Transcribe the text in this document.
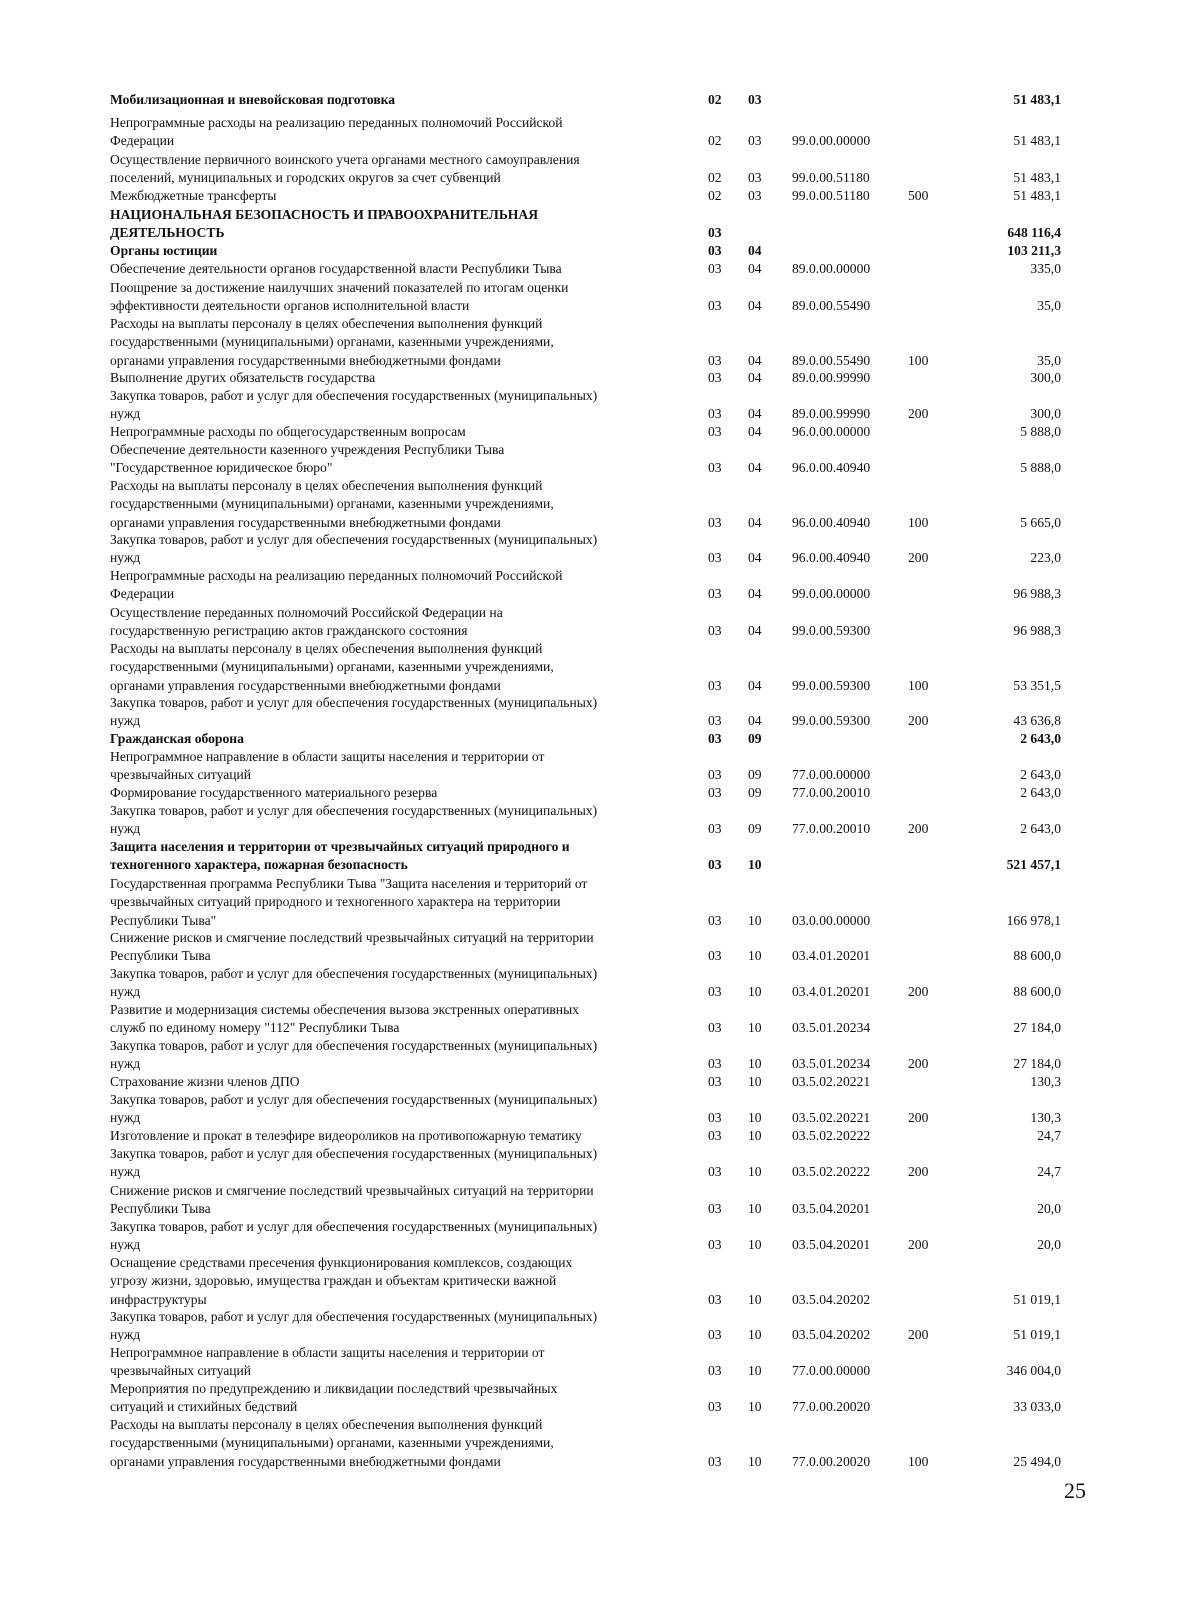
Мобилизационная и вневойсковая подготовка	02 03	51 483,1
Непрограммные расходы на реализацию переданных полномочий Российской
Федерации	02 03 99.0.00.00000	51 483,1
Осуществление первичного воинского учета органами местного самоуправления
поселений, муниципальных и городских округов за счет субвенций	02 03 99.0.00.51180	51 483,1
Межбюджетные трансферты	02 03 99.0.00.51180	500	51 483,1
НАЦИОНАЛЬНАЯ БЕЗОПАСНОСТЬ И ПРАВООХРАНИТЕЛЬНАЯ
ДЕЯТЕЛЬНОСТЬ	03	648 116,4
Органы юстиции	03 04	103 211,3
Обеспечение деятельности органов государственной власти Республики Тыва	03 04 89.0.00.00000	335,0
Поощрение за достижение наилучших значений показателей по итогам оценки
эффективности деятельности органов исполнительной власти	03 04 89.0.00.55490	35,0
Расходы на выплаты персоналу в целях обеспечения выполнения функций
государственными (муниципальными) органами, казенными учреждениями,
органами управления государственными внебюджетными фондами	03 04 89.0.00.55490	100	35,0
Выполнение других обязательств государства	03 04 89.0.00.99990	300,0
Закупка товаров, работ и услуг для обеспечения государственных (муниципальных)
нужд	03 04 89.0.00.99990	200	300,0
Непрограммные расходы по общегосударственным вопросам	03 04 96.0.00.00000	5 888,0
Обеспечение деятельности казенного учреждения Республики Тыва
"Государственное юридическое бюро"	03 04 96.0.00.40940	5 888,0
Расходы на выплаты персоналу в целях обеспечения выполнения функций
государственными (муниципальными) органами, казенными учреждениями,
органами управления государственными внебюджетными фондами	03 04 96.0.00.40940	100	5 665,0
Закупка товаров, работ и услуг для обеспечения государственных (муниципальных)
нужд	03 04 96.0.00.40940	200	223,0
Непрограммные расходы на реализацию переданных полномочий Российской
Федерации	03 04 99.0.00.00000	96 988,3
Осуществление переданных полномочий Российской Федерации на
государственную регистрацию актов гражданского состояния	03 04 99.0.00.59300	96 988,3
Расходы на выплаты персоналу в целях обеспечения выполнения функций
государственными (муниципальными) органами, казенными учреждениями,
органами управления государственными внебюджетными фондами	03 04 99.0.00.59300	100	53 351,5
Закупка товаров, работ и услуг для обеспечения государственных (муниципальных)
нужд	03 04 99.0.00.59300	200	43 636,8
Гражданская оборона	03 09	2 643,0
Непрограммное направление в области защиты населения и территории от
чрезвычайных ситуаций	03 09 77.0.00.00000	2 643,0
Формирование государственного материального резерва	03 09 77.0.00.20010	2 643,0
Закупка товаров, работ и услуг для обеспечения государственных (муниципальных)
нужд	03 09 77.0.00.20010	200	2 643,0
Защита населения и территории от чрезвычайных ситуаций природного и
техногенного характера, пожарная безопасность	03 10	521 457,1
Государственная программа Республики Тыва "Защита населения и территорий от
чрезвычайных ситуаций природного и техногенного характера на территории
Республики Тыва"	03 10 03.0.00.00000	166 978,1
Снижение рисков и смягчение последствий чрезвычайных ситуаций на территории
Республики Тыва	03 10 03.4.01.20201	88 600,0
Закупка товаров, работ и услуг для обеспечения государственных (муниципальных)
нужд	03 10 03.4.01.20201	200	88 600,0
Развитие и модернизация системы обеспечения вызова экстренных оперативных
служб по единому номеру "112" Республики Тыва	03 10 03.5.01.20234	27 184,0
Закупка товаров, работ и услуг для обеспечения государственных (муниципальных)
нужд	03 10 03.5.01.20234	200	27 184,0
Страхование жизни членов ДПО	03 10 03.5.02.20221	130,3
Закупка товаров, работ и услуг для обеспечения государственных (муниципальных)
нужд	03 10 03.5.02.20221	200	130,3
Изготовление и прокат в телеэфире видеороликов на противопожарную тематику	03 10 03.5.02.20222	24,7
Закупка товаров, работ и услуг для обеспечения государственных (муниципальных)
нужд	03 10 03.5.02.20222	200	24,7
Снижение рисков и смягчение последствий чрезвычайных ситуаций на территории
Республики Тыва	03 10 03.5.04.20201	20,0
Закупка товаров, работ и услуг для обеспечения государственных (муниципальных)
нужд	03 10 03.5.04.20201	200	20,0
Оснащение средствами пресечения функционирования комплексов, создающих
угрозу жизни, здоровью, имущества граждан и объектам критически важной
инфраструктуры	03 10 03.5.04.20202	51 019,1
Закупка товаров, работ и услуг для обеспечения государственных (муниципальных)
нужд	03 10 03.5.04.20202	200	51 019,1
Непрограммное направление в области защиты населения и территории от
чрезвычайных ситуаций	03 10 77.0.00.00000	346 004,0
Мероприятия по предупреждению и ликвидации последствий чрезвычайных
ситуаций и стихийных бедствий	03 10 77.0.00.20020	33 033,0
Расходы на выплаты персоналу в целях обеспечения выполнения функций
государственными (муниципальными) органами, казенными учреждениями,
органами управления государственными внебюджетными фондами	03 10 77.0.00.20020	100	25 494,0
25
